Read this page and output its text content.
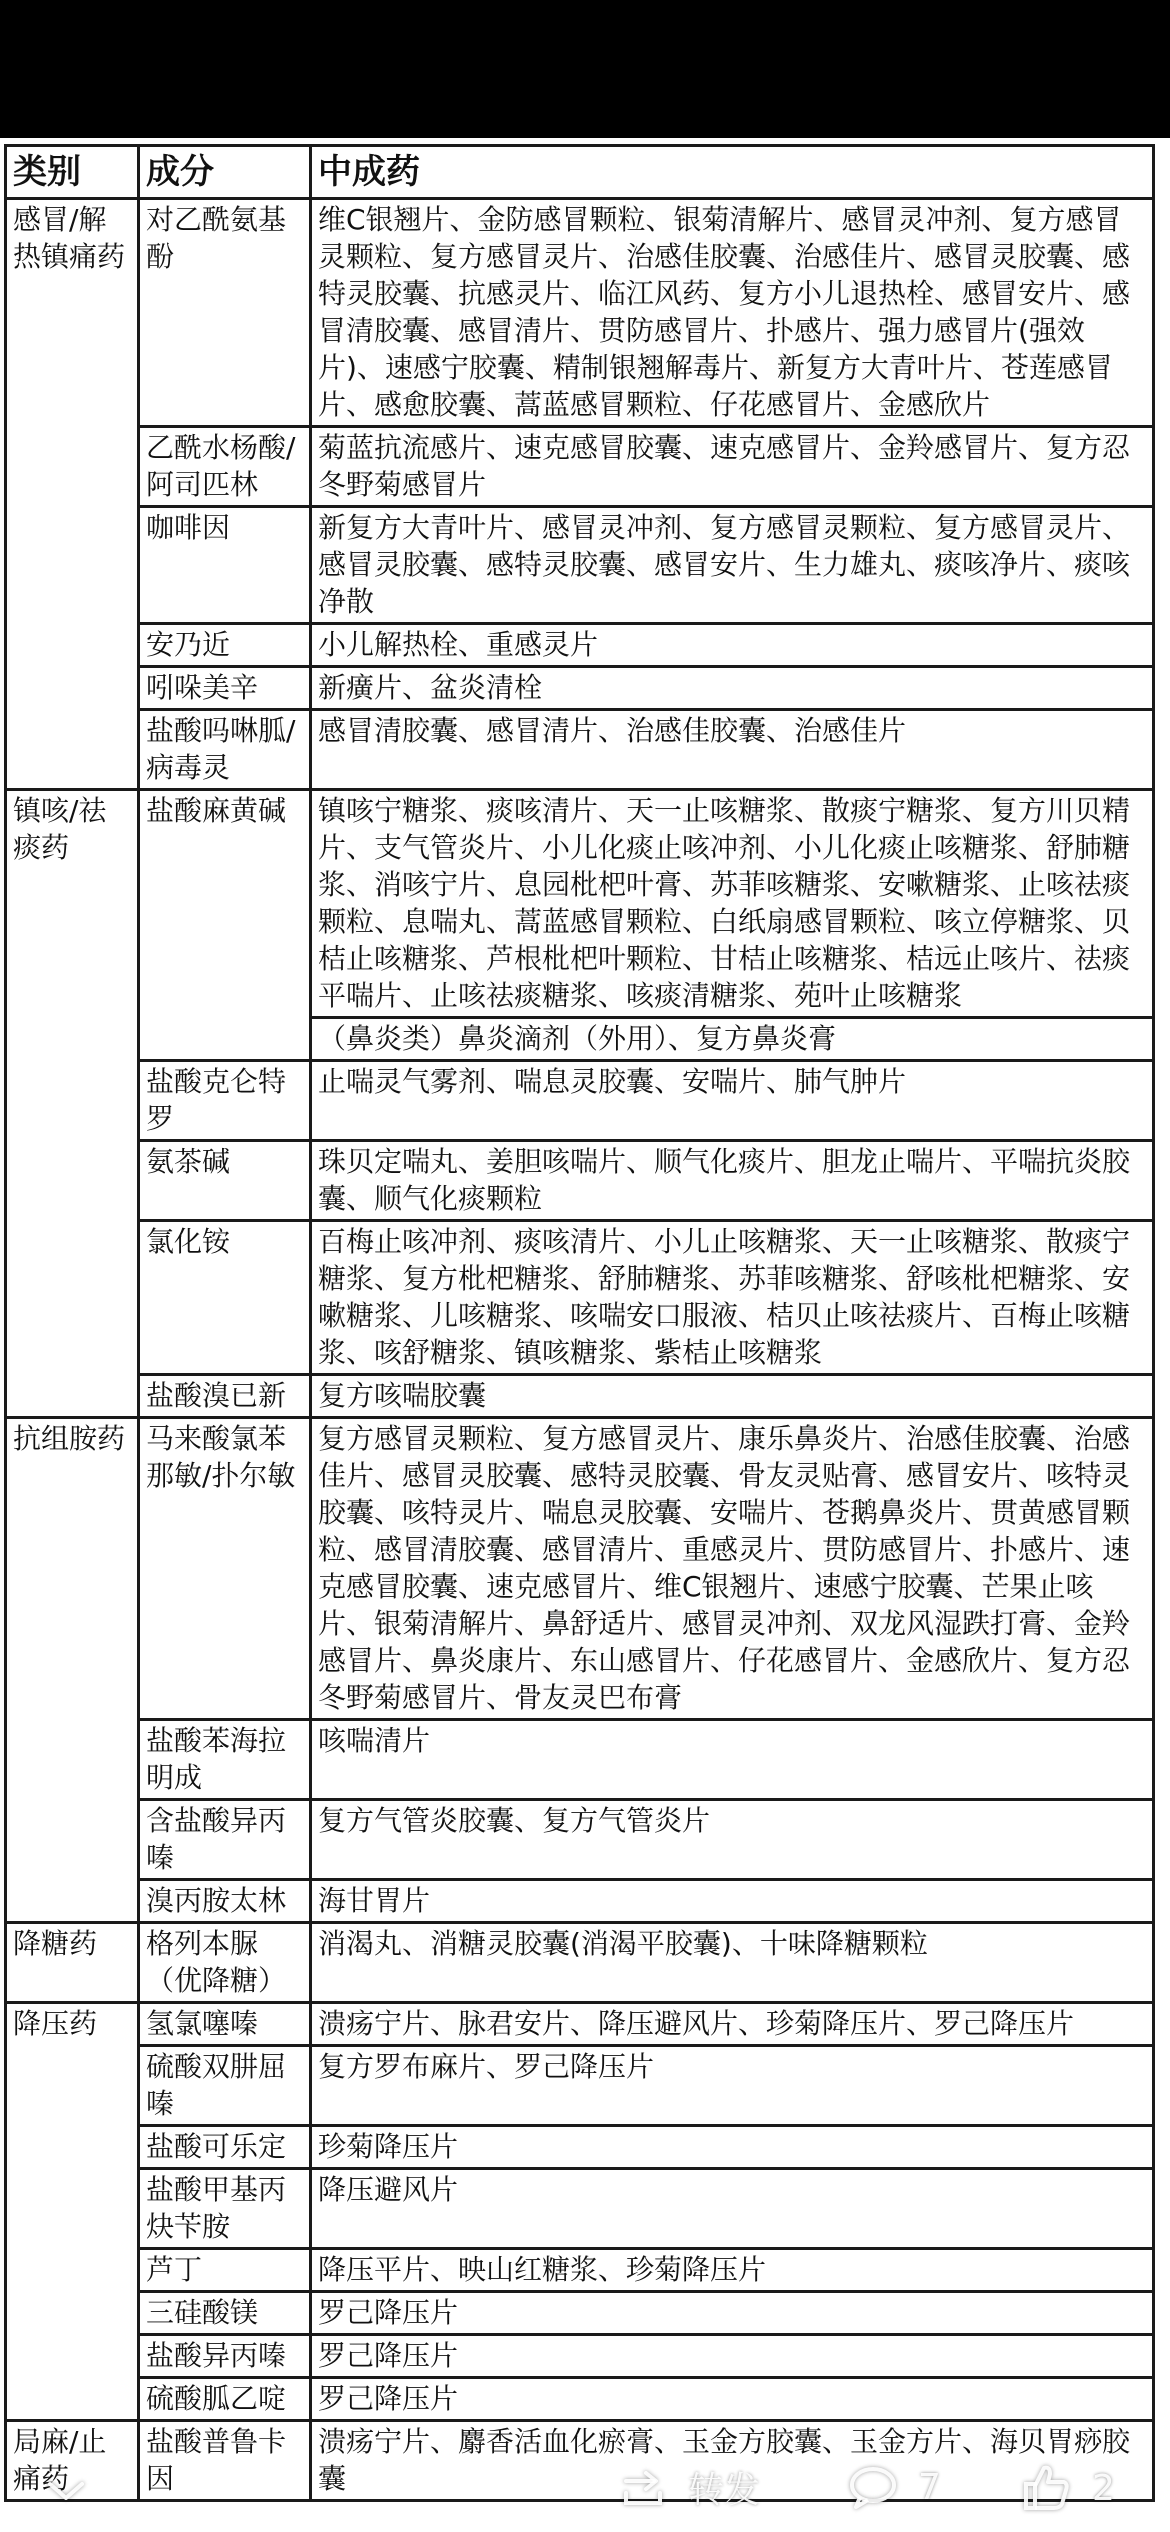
类别	成分	中成药
感冒/解热镇痛药	对乙酰氨基酚	维C银翘片、金防感冒颗粒、银菊清解片、感冒灵冲剂、复方感冒灵颗粒、复方感冒灵片、治感佳胶囊、治感佳片、感冒灵胶囊、感特灵胶囊、抗感灵片、临江风药、复方小儿退热栓、感冒安片、感冒清胶囊、感冒清片、贯防感冒片、扑感片、强力感冒片(强效片)、速感宁胶囊、精制银翘解毒片、新复方大青叶片、苍莲感冒片、感愈胶囊、蒿蓝感冒颗粒、仔花感冒片、金感欣片
	乙酰水杨酸/阿司匹林	菊蓝抗流感片、速克感冒胶囊、速克感冒片、金羚感冒片、复方忍冬野菊感冒片
	咖啡因	新复方大青叶片、感冒灵冲剂、复方感冒灵颗粒、复方感冒灵片、感冒灵胶囊、感特灵胶囊、感冒安片、生力雄丸、痰咳净片、痰咳净散
	安乃近	小儿解热栓、重感灵片
	吲哚美辛	新癀片、盆炎清栓
	盐酸吗啉胍/病毒灵	感冒清胶囊、感冒清片、治感佳胶囊、治感佳片
镇咳/祛痰药	盐酸麻黄碱	镇咳宁糖浆、痰咳清片、天一止咳糖浆、散痰宁糖浆、复方川贝精片、支气管炎片、小儿化痰止咳冲剂、小儿化痰止咳糖浆、舒肺糖浆、消咳宁片、息园枇杷叶膏、苏菲咳糖浆、安嗽糖浆、止咳祛痰颗粒、息喘丸、蒿蓝感冒颗粒、白纸扇感冒颗粒、咳立停糖浆、贝桔止咳糖浆、芦根枇杷叶颗粒、甘桔止咳糖浆、桔远止咳片、祛痰平喘片、止咳祛痰糖浆、咳痰清糖浆、苑叶止咳糖浆
		（鼻炎类）鼻炎滴剂（外用）、复方鼻炎膏
	盐酸克仑特罗	止喘灵气雾剂、喘息灵胶囊、安喘片、肺气肿片
	氨茶碱	珠贝定喘丸、姜胆咳喘片、顺气化痰片、胆龙止喘片、平喘抗炎胶囊、顺气化痰颗粒
	氯化铵	百梅止咳冲剂、痰咳清片、小儿止咳糖浆、天一止咳糖浆、散痰宁糖浆、复方枇杷糖浆、舒肺糖浆、苏菲咳糖浆、舒咳枇杷糖浆、安嗽糖浆、儿咳糖浆、咳喘安口服液、桔贝止咳祛痰片、百梅止咳糖浆、咳舒糖浆、镇咳糖浆、紫桔止咳糖浆
	盐酸溴已新	复方咳喘胶囊
抗组胺药	马来酸氯苯那敏/扑尔敏	复方感冒灵颗粒、复方感冒灵片、康乐鼻炎片、治感佳胶囊、治感佳片、感冒灵胶囊、感特灵胶囊、骨友灵贴膏、感冒安片、咳特灵胶囊、咳特灵片、喘息灵胶囊、安喘片、苍鹅鼻炎片、贯黄感冒颗粒、感冒清胶囊、感冒清片、重感灵片、贯防感冒片、扑感片、速克感冒胶囊、速克感冒片、维C银翘片、速感宁胶囊、芒果止咳片、银菊清解片、鼻舒适片、感冒灵冲剂、双龙风湿跌打膏、金羚感冒片、鼻炎康片、东山感冒片、仔花感冒片、金感欣片、复方忍冬野菊感冒片、骨友灵巴布膏
	盐酸苯海拉明成	咳喘清片
	含盐酸异丙嗪	复方气管炎胶囊、复方气管炎片
	溴丙胺太林	海甘胃片
降糖药	格列本脲（优降糖）	消渴丸、消糖灵胶囊(消渴平胶囊)、十味降糖颗粒
降压药	氢氯噻嗪	溃疡宁片、脉君安片、降压避风片、珍菊降压片、罗己降压片
	硫酸双肼屈嗪	复方罗布麻片、罗己降压片
	盐酸可乐定	珍菊降压片
	盐酸甲基丙炔苄胺	降压避风片
	芦丁	降压平片、映山红糖浆、珍菊降压片
	三硅酸镁	罗己降压片
	盐酸异丙嗪	罗己降压片
	硫酸胍乙啶	罗己降压片
局麻/止痛药	盐酸普鲁卡因	溃疡宁片、麝香活血化瘀膏、玉金方胶囊、玉金方片、海贝胃痧胶囊	转发	7	2
